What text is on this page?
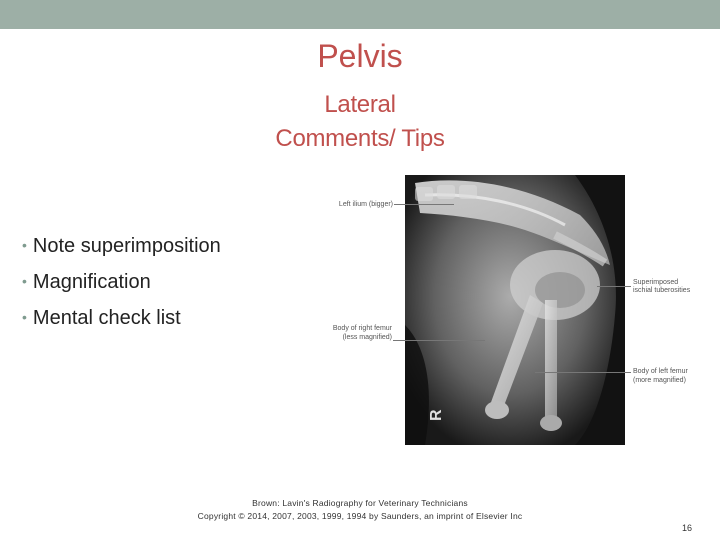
Pelvis
Lateral
Comments/ Tips
• Note superimposition
• Magnification
• Mental check list
R
Left ilium (bigger)
Superimposed
ischial tuberosities
Body of right femur
(less magnified)
Body of left femur
(more magnified)
Brown: Lavin's Radiography for Veterinary Technicians
Copyright © 2014, 2007, 2003, 1999, 1994 by Saunders, an imprint of Elsevier Inc
16
